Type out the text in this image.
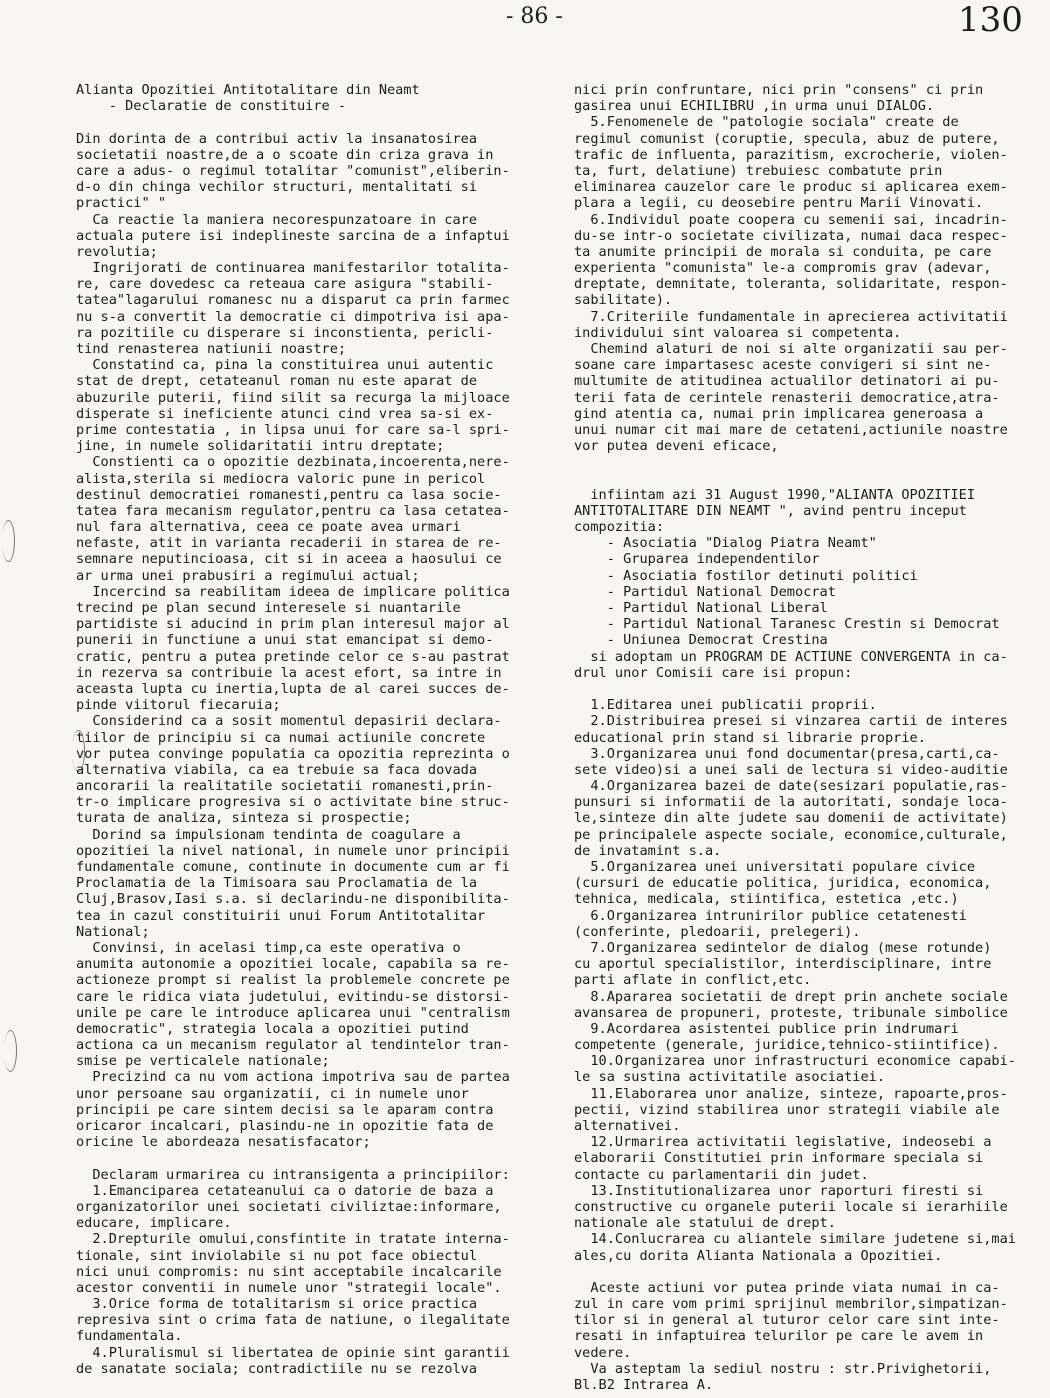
- 86 -	130
Alianta Opozitiei Antitotalitare din Neamt
- Declaratie de constituire -
Din dorinta de a contribui activ la insanatosirea
societatii noastre,de a o scoate din criza grava in
care a adus- o regimul totalitar "comunist",eliberin-
d-o din chinga vechilor structuri, mentalitati si
practici" "
Ca reactie la maniera necorespunzatoare in care
actuala putere isi indeplineste sarcina de a infaptui
revolutia;
Ingrijorati de continuarea manifestarilor totalita-
re, care dovedesc ca reteaua care asigura "stabili-
tatea"lagarului romanesc nu a disparut ca prin farmec
nu s-a convertit la democratie ci dimpotriva isi apa-
ra pozitiile cu disperare si inconstienta, pericli-
tind renasterea natiunii noastre;
Constatind ca, pina la constituirea unui autentic
stat de drept, cetateanul roman nu este aparat de
abuzurile puterii, fiind silit sa recurga la mijloace
disperate si ineficiente atunci cind vrea sa-si ex-
prime contestatia , in lipsa unui for care sa-l spri-
jine, in numele solidaritatii intru dreptate;
Constienti ca o opozitie dezbinata,incoerenta,nere-
alista,sterila si mediocra valoric pune in pericol
destinul democratiei romanesti,pentru ca lasa socie-
tatea fara mecanism regulator,pentru ca lasa cetatea-
nul fara alternativa, ceea ce poate avea urmari
nefaste, atit in varianta recaderii in starea de re-
semnare neputincioasa, cit si in aceea a haosului ce
ar urma unei prabusiri a regimului actual;
Incercind sa reabilitam ideea de implicare politica
trecind pe plan secund interesele si nuantarile
partidiste si aducind in prim plan interesul major al
punerii in functiune a unui stat emancipat si demo-
cratic, pentru a putea pretinde celor ce s-au pastrat
in rezerva sa contribuie la acest efort, sa intre in
aceasta lupta cu inertia,lupta de al carei succes de-
pinde viitorul fiecaruia;
Considerind ca a sosit momentul depasirii declara-
tiilor de principiu si ca numai actiunile concrete
vor putea convinge populatia ca opozitia reprezinta o
alternativa viabila, ca ea trebuie sa faca dovada
ancorarii la realitatile societatii romanesti,prin-
tr-o implicare progresiva si o activitate bine struc-
turata de analiza, sinteza si prospectie;
Dorind sa impulsionam tendinta de coagulare a
opozitiei la nivel national, in numele unor principii
fundamentale comune, continute in documente cum ar fi
Proclamatia de la Timisoara sau Proclamatia de la
Cluj,Brasov,Iasi s.a. si declarindu-ne disponibilita-
tea in cazul constituirii unui Forum Antitotalitar
National;
Convinsi, in acelasi timp,ca este operativa o
anumita autonomie a opozitiei locale, capabila sa re-
actioneze prompt si realist la problemele concrete pe
care le ridica viata judetului, evitindu-se distorsi-
unile pe care le introduce aplicarea unui "centralism
democratic", strategia locala a opozitiei putind
actiona ca un mecanism regulator al tendintelor tran-
smise pe verticalele nationale;
Precizind ca nu vom actiona impotriva sau de partea
unor persoane sau organizatii, ci in numele unor
principii pe care sintem decisi sa le aparam contra
oricaror incalcari, plasindu-ne in opozitie fata de
oricine le abordeaza nesatisfacator;
Declaram urmarirea cu intransigenta a principiilor:
1.Emanciparea cetateanului ca o datorie de baza a
organizatorilor unei societati civiliztae:informare,
educare, implicare.
2.Drepturile omului,consfintite in tratate interna-
tionale, sint inviolabile si nu pot face obiectul
nici unui compromis: nu sint acceptabile incalcarile
acestor conventii in numele unor "strategii locale".
3.Orice forma de totalitarism si orice practica
represiva sint o crima fata de natiune, o ilegalitate
fundamentala.
4.Pluralismul si libertatea de opinie sint garantii
de sanatate sociala; contradictiile nu se rezolva
nici prin confruntare, nici prin "consens" ci prin
gasirea unui ECHILIBRU ,in urma unui DIALOG.
5.Fenomenele de "patologie sociala" create de
regimul comunist (coruptie, specula, abuz de putere,
trafic de influenta, parazitism, excrocherie, violen-
ta, furt, delatiune) trebuiesc combatute prin
eliminarea cauzelor care le produc si aplicarea exem-
plara a legii, cu deosebire pentru Marii Vinovati.
6.Individul poate coopera cu semenii sai, incadrin-
du-se intr-o societate civilizata, numai daca respec-
ta anumite principii de morala si conduita, pe care
experienta "comunista" le-a compromis grav (adevar,
dreptate, demnitate, toleranta, solidaritate, respon-
sabilitate).
7.Criteriile fundamentale in aprecierea activitatii
individului sint valoarea si competenta.
Chemind alaturi de noi si alte organizatii sau per-
soane care impartasesc aceste convigeri si sint ne-
multumite de atitudinea actualilor detinatori ai pu-
terii fata de cerintele renasterii democratice,atra-
gind atentia ca, numai prin implicarea generoasa a
unui numar cit mai mare de cetateni,actiunile noastre
vor putea deveni eficace,
infiintam azi 31 August 1990,"ALIANTA OPOZITIEI
ANTITOTALITARE DIN NEAMT ", avind pentru inceput
compozitia:
- Asociatia "Dialog Piatra Neamt"
- Gruparea independentilor
- Asociatia fostilor detinuti politici
- Partidul National Democrat
- Partidul National Liberal
- Partidul National Taranesc Crestin si Democrat
- Uniunea Democrat Crestina
si adoptam un PROGRAM DE ACTIUNE CONVERGENTA in ca-
drul unor Comisii care isi propun:
1.Editarea unei publicatii proprii.
2.Distribuirea presei si vinzarea cartii de interes
educational prin stand si librarie proprie.
3.Organizarea unui fond documentar(presa,carti,ca-
sete video)si a unei sali de lectura si video-auditie
4.Organizarea bazei de date(sesizari populatie,ras-
punsuri si informatii de la autoritati, sondaje loca-
le,sinteze din alte judete sau domenii de activitate)
pe principalele aspecte sociale, economice,culturale,
de invatamint s.a.
5.Organizarea unei universitati populare civice
(cursuri de educatie politica, juridica, economica,
tehnica, medicala, stiintifica, estetica ,etc.)
6.Organizarea intrunirilor publice cetatenesti
(conferinte, pledoarii, prelegeri).
7.Organizarea sedintelor de dialog (mese rotunde)
cu aportul specialistilor, interdisciplinare, intre
parti aflate in conflict,etc.
8.Apararea societatii de drept prin anchete sociale
avansarea de propuneri, proteste, tribunale simbolice
9.Acordarea asistentei publice prin indrumari
competente (generale, juridice,tehnico-stiintifice).
10.Organizarea unor infrastructuri economice capabi-
le sa sustina activitatile asociatiei.
11.Elaborarea unor analize, sinteze, rapoarte,pros-
pectii, vizind stabilirea unor strategii viabile ale
alternativei.
12.Urmarirea activitatii legislative, indeosebi a
elaborarii Constitutiei prin informare speciala si
contacte cu parlamentarii din judet.
13.Institutionalizarea unor raporturi firesti si
constructive cu organele puterii locale si ierarhiile
nationale ale statului de drept.
14.Conlucrarea cu aliantele similare judetene si,mai
ales,cu dorita Alianta Nationala a Opozitiei.
Aceste actiuni vor putea prinde viata numai in ca-
zul in care vom primi sprijinul membrilor,simpatizan-
tilor si in general al tuturor celor care sint inte-
resati in infaptuirea telurilor pe care le avem in
vedere.
Va asteptam la sediul nostru : str.Privighetorii,
Bl.B2 Intrarea A.
